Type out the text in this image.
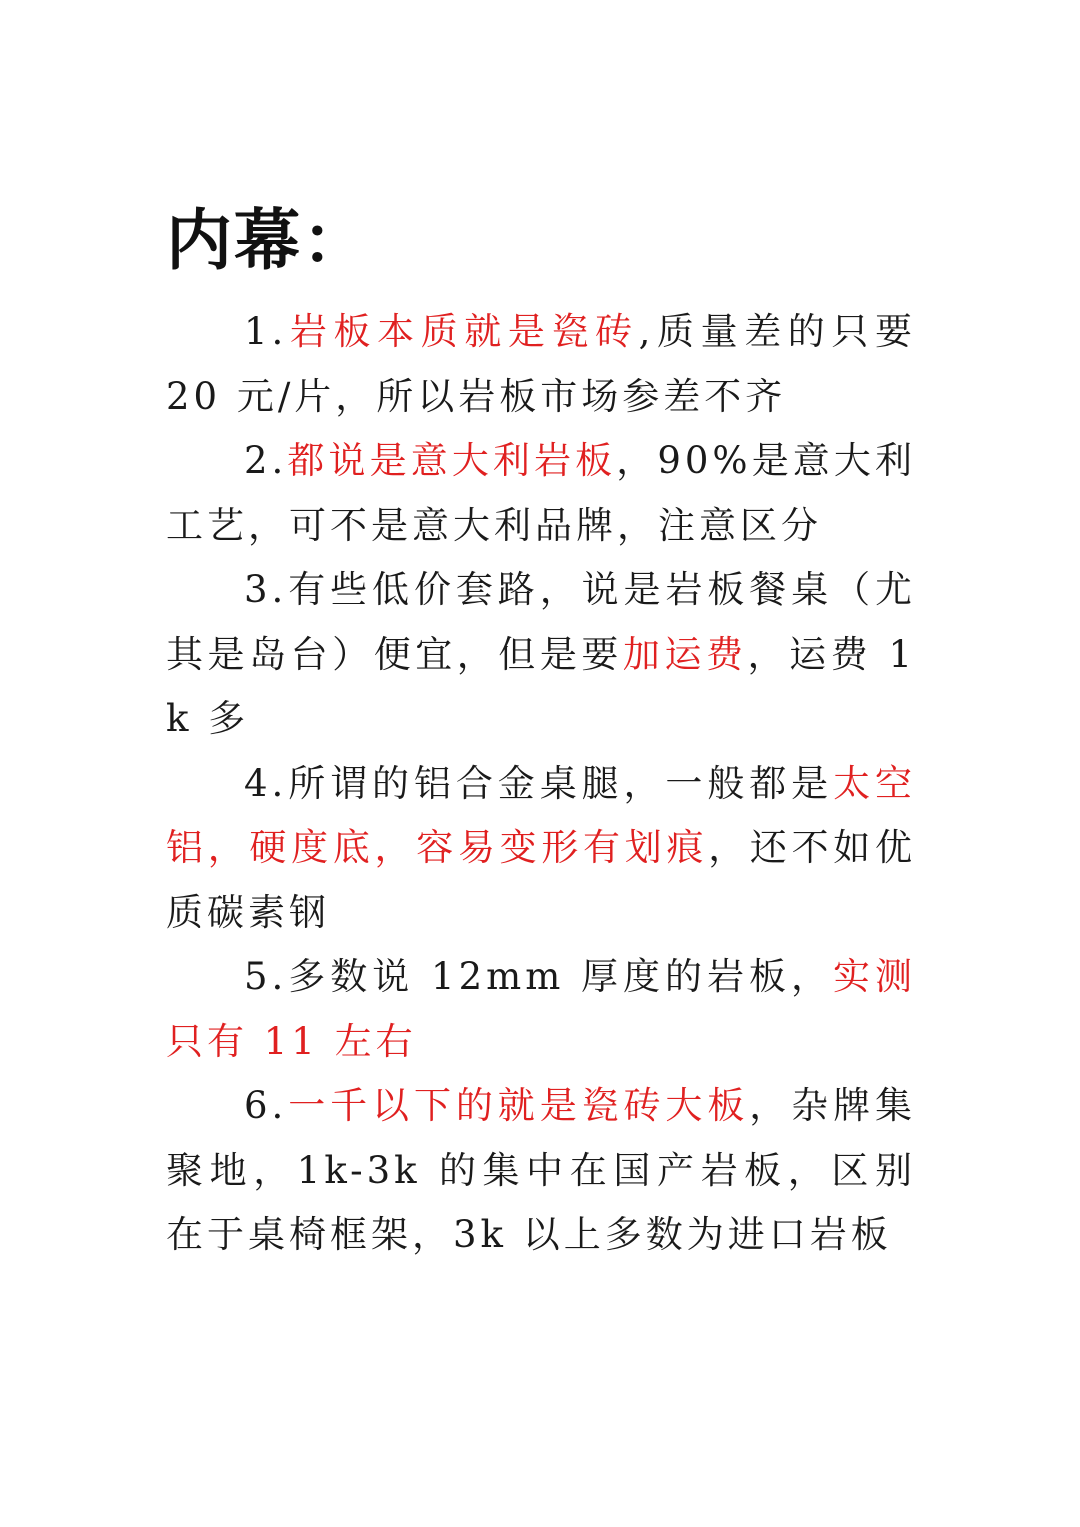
内幕：

1.岩板本质就是瓷砖,质量差的只要 20 元/片，所以岩板市场参差不齐

2.都说是意大利岩板，90%是意大利工艺，可不是意大利品牌，注意区分

3.有些低价套路，说是岩板餐桌（尤其是岛台）便宜，但是要加运费，运费 1k 多

4.所谓的铝合金桌腿，一般都是太空铝，硬度底，容易变形有划痕，还不如优质碳素钢

5.多数说 12mm 厚度的岩板，实测只有 11 左右

6.一千以下的就是瓷砖大板，杂牌集聚地，1k-3k 的集中在国产岩板，区别在于桌椅框架，3k 以上多数为进口岩板
